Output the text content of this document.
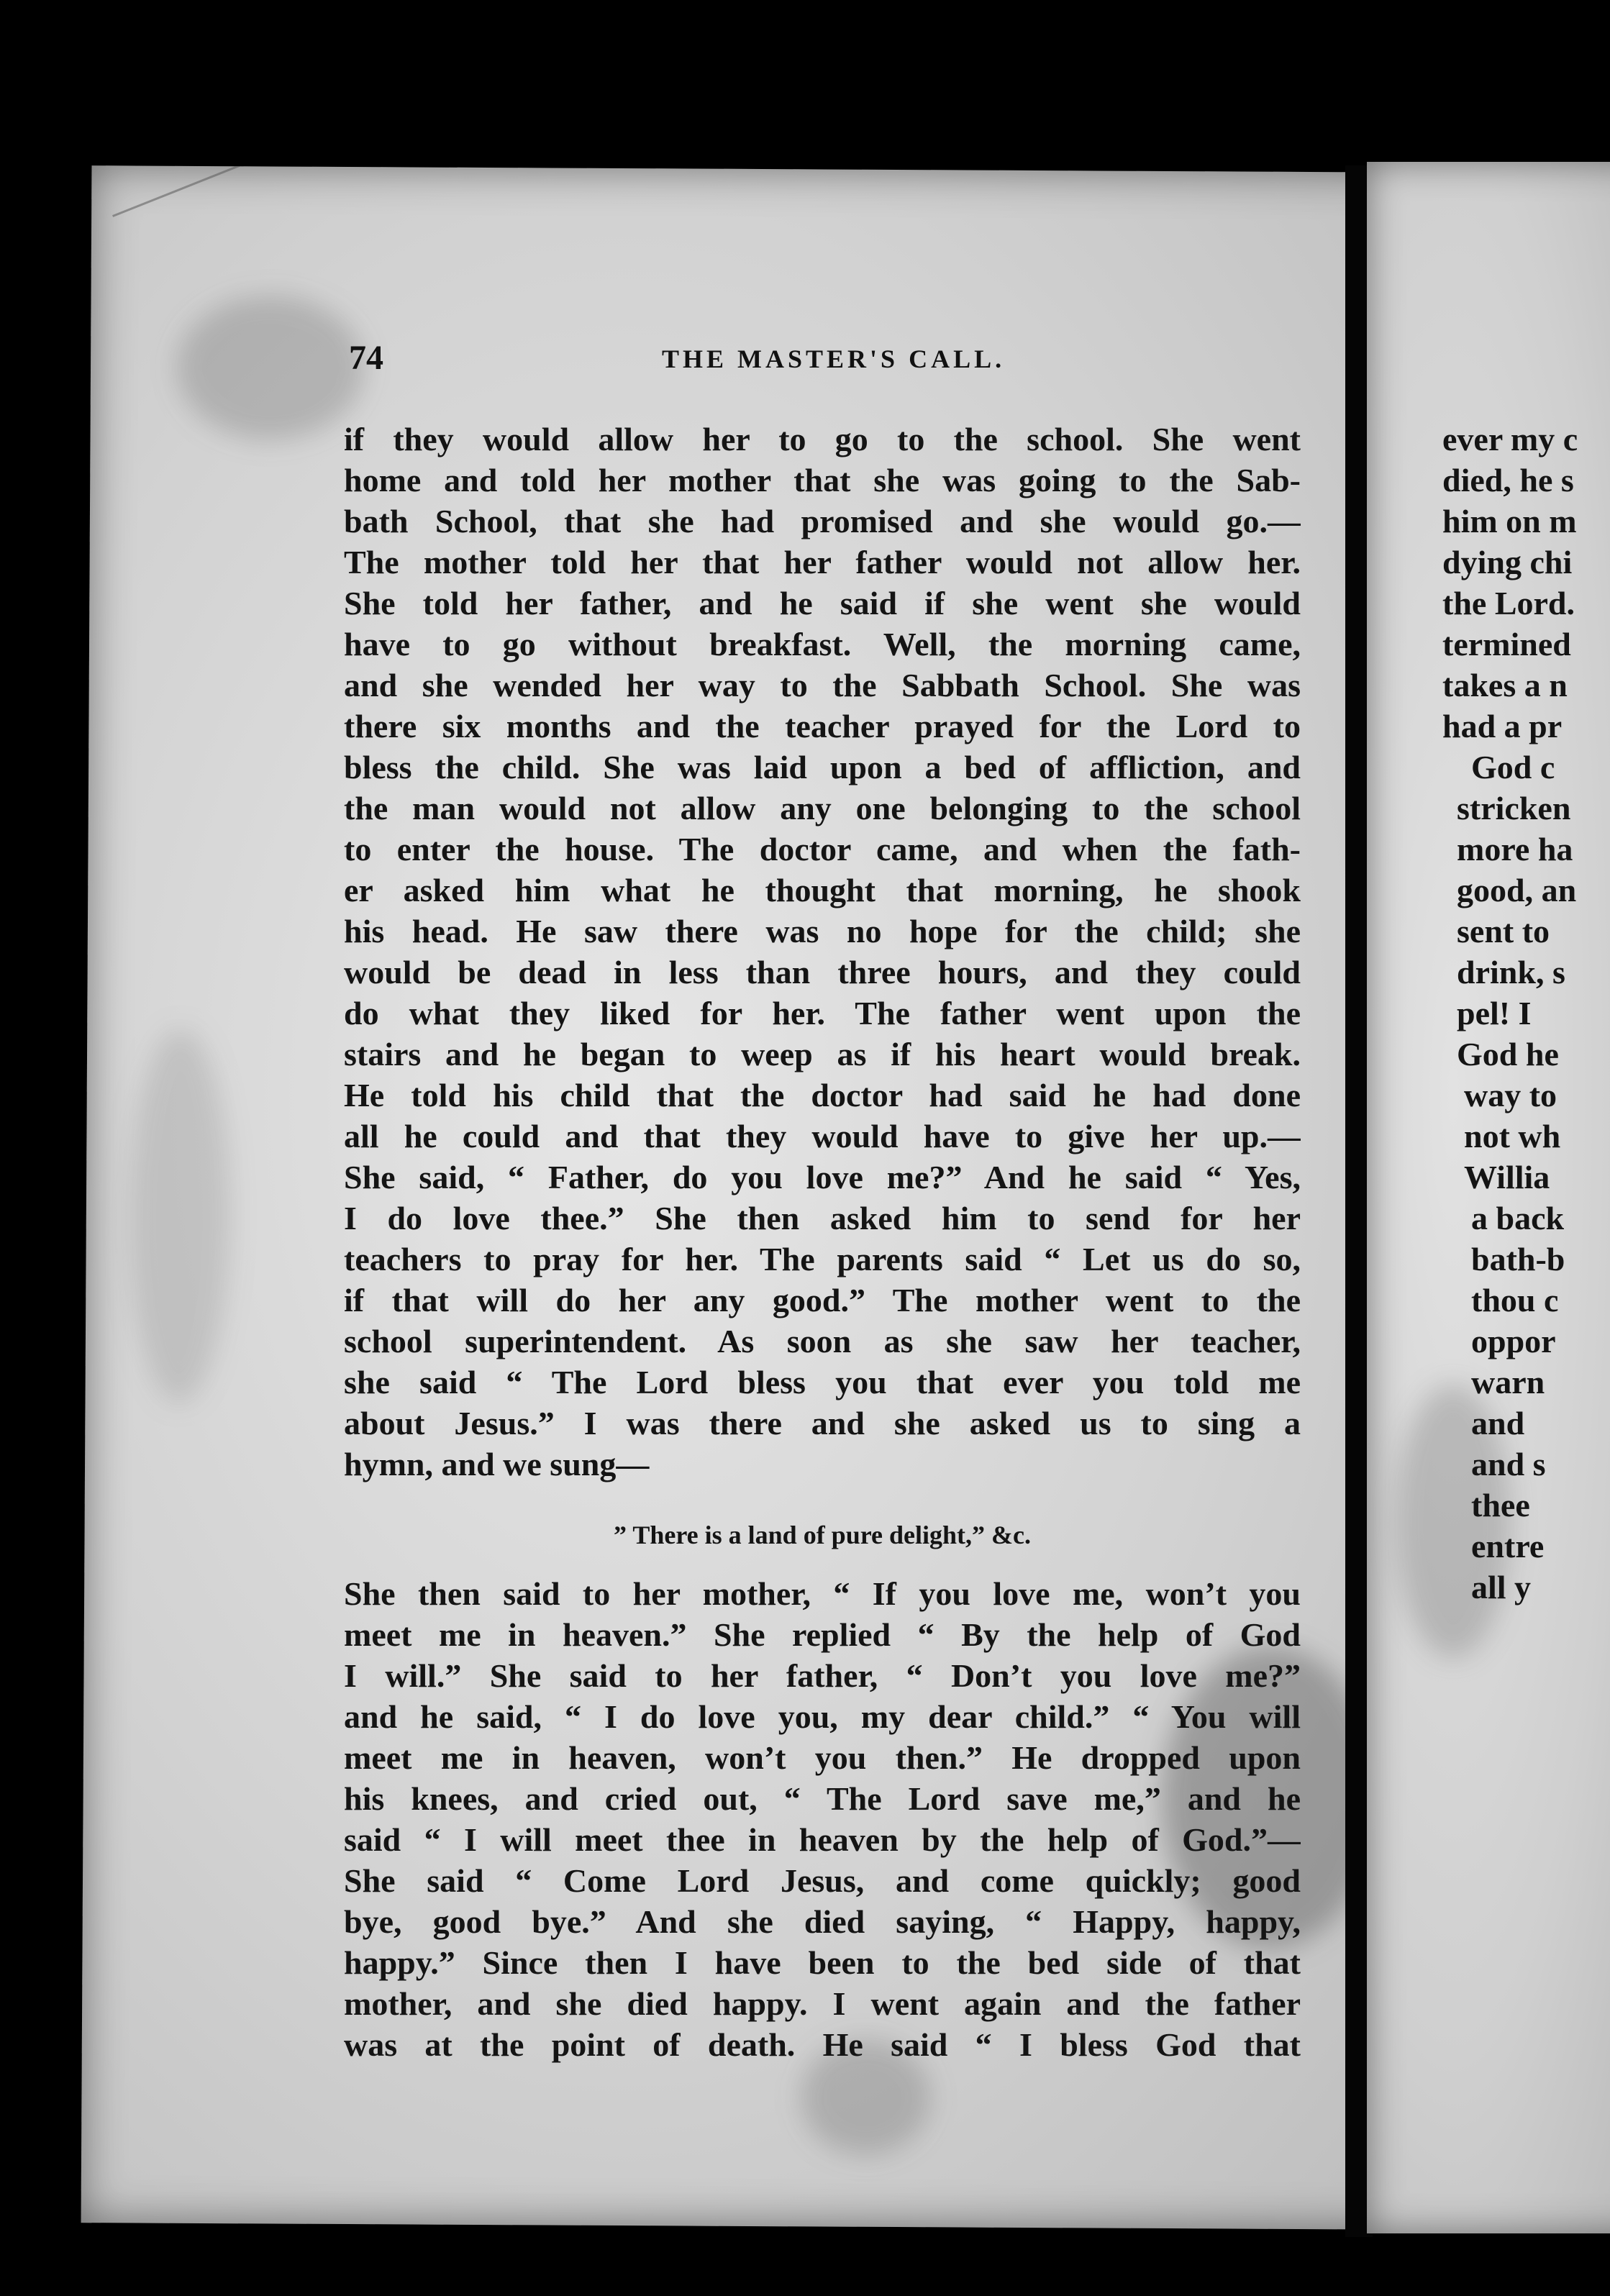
74	THE MASTER'S CALL.
if they would allow her to go to the school. She went
home and told her mother that she was going to the Sab-
bath School, that she had promised and she would go.—
The mother told her that her father would not allow her.
She told her father, and he said if she went she would
have to go without breakfast. Well, the morning came,
and she wended her way to the Sabbath School. She was
there six months and the teacher prayed for the Lord to
bless the child. She was laid upon a bed of affliction, and
the man would not allow any one belonging to the school
to enter the house. The doctor came, and when the fath-
er asked him what he thought that morning, he shook
his head. He saw there was no hope for the child; she
would be dead in less than three hours, and they could
do what they liked for her. The father went upon the
stairs and he began to weep as if his heart would break.
He told his child that the doctor had said he had done
all he could and that they would have to give her up.—
She said, “ Father, do you love me?” And he said “ Yes,
I do love thee.” She then asked him to send for her
teachers to pray for her. The parents said “ Let us do so,
if that will do her any good.” The mother went to the
school superintendent. As soon as she saw her teacher,
she said “ The Lord bless you that ever you told me
about Jesus.” I was there and she asked us to sing a
hymn, and we sung—
” There is a land of pure delight,” &c.
She then said to her mother, “ If you love me, won’t you
meet me in heaven.” She replied “ By the help of God
I will.” She said to her father, “ Don’t you love me?”
and he said, “ I do love you, my dear child.” “ You will
meet me in heaven, won’t you then.” He dropped upon
his knees, and cried out, “ The Lord save me,” and he
said “ I will meet thee in heaven by the help of God.”—
She said “ Come Lord Jesus, and come quickly; good
bye, good bye.” And she died saying, “ Happy, happy,
happy.” Since then I have been to the bed side of that
mother, and she died happy. I went again and the father
was at the point of death. He said “ I bless God that
ever my c
died, he s
him on m
dying chi
the Lord.
termined
takes a n
had a pr
God c
stricken
more ha
good, an
sent to
drink, s
pel! I
God he
way to
not wh
Willia
a back
bath-b
thou c
oppor
warn
and
and s
thee
entre
all y
